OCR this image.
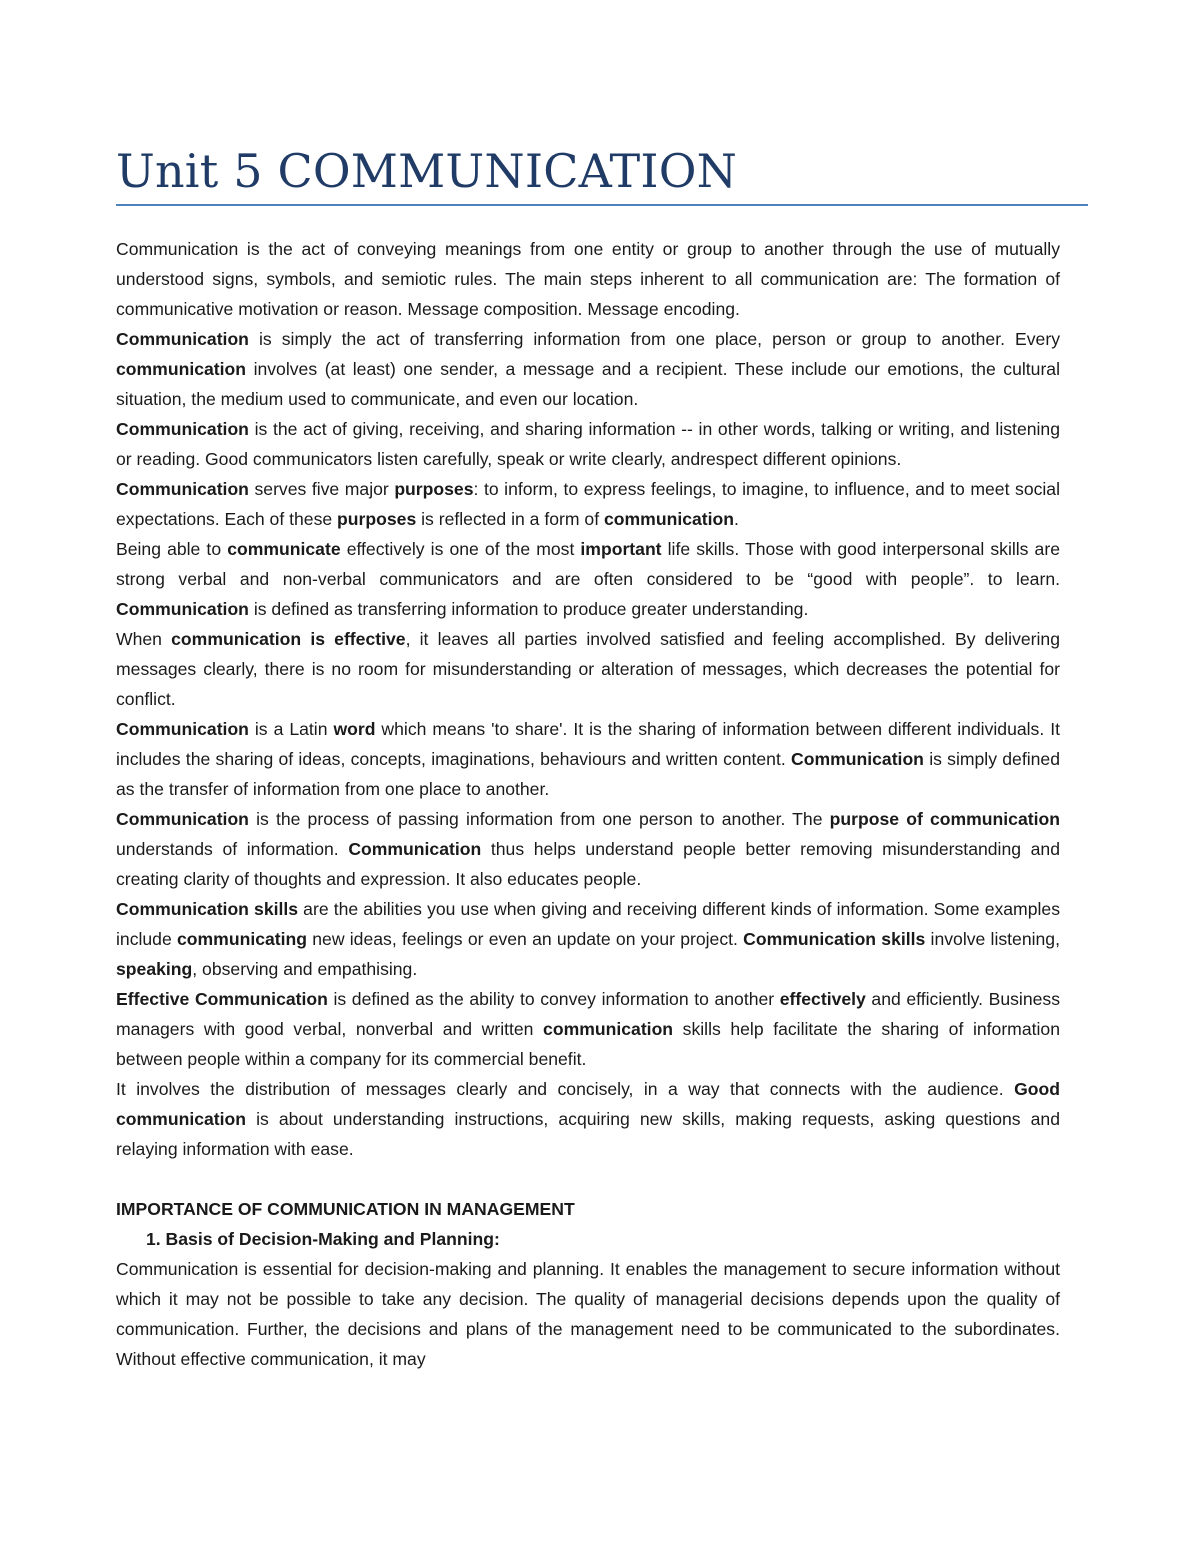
Unit 5 COMMUNICATION

Communication is the act of conveying meanings from one entity or group to another through the use of mutually understood signs, symbols, and semiotic rules. The main steps inherent to all communication are: The formation of communicative motivation or reason. Message composition. Message encoding.

Communication is simply the act of transferring information from one place, person or group to another. Every communication involves (at least) one sender, a message and a recipient. These include our emotions, the cultural situation, the medium used to communicate, and even our location.

Communication is the act of giving, receiving, and sharing information -- in other words, talking or writing, and listening or reading. Good communicators listen carefully, speak or write clearly, andrespect different opinions.

Communication serves five major purposes: to inform, to express feelings, to imagine, to influence, and to meet social expectations. Each of these purposes is reflected in a form of communication.

Being able to communicate effectively is one of the most important life skills. Those with good interpersonal skills are strong verbal and non-verbal communicators and are often considered to be “good with people”. to learn. Communication is defined as transferring information to produce greater understanding.

When communication is effective, it leaves all parties involved satisfied and feeling accomplished. By delivering messages clearly, there is no room for misunderstanding or alteration of messages, which decreases the potential for conflict.

Communication is a Latin word which means 'to share'. It is the sharing of information between different individuals. It includes the sharing of ideas, concepts, imaginations, behaviours and written content. Communication is simply defined as the transfer of information from one place to another.

Communication is the process of passing information from one person to another. The purpose of communication understands of information. Communication thus helps understand people better removing misunderstanding and creating clarity of thoughts and expression. It also educates people.

Communication skills are the abilities you use when giving and receiving different kinds of information. Some examples include communicating new ideas, feelings or even an update on your project. Communication skills involve listening, speaking, observing and empathising.

Effective Communication is defined as the ability to convey information to another effectively and efficiently. Business managers with good verbal, nonverbal and written communication skills help facilitate the sharing of information between people within a company for its commercial benefit.

It involves the distribution of messages clearly and concisely, in a way that connects with the audience. Good communication is about understanding instructions, acquiring new skills, making requests, asking questions and relaying information with ease.

IMPORTANCE OF COMMUNICATION IN MANAGEMENT

1. Basis of Decision-Making and Planning:

Communication is essential for decision-making and planning. It enables the management to secure information without which it may not be possible to take any decision. The quality of managerial decisions depends upon the quality of communication. Further, the decisions and plans of the management need to be communicated to the subordinates. Without effective communication, it may
